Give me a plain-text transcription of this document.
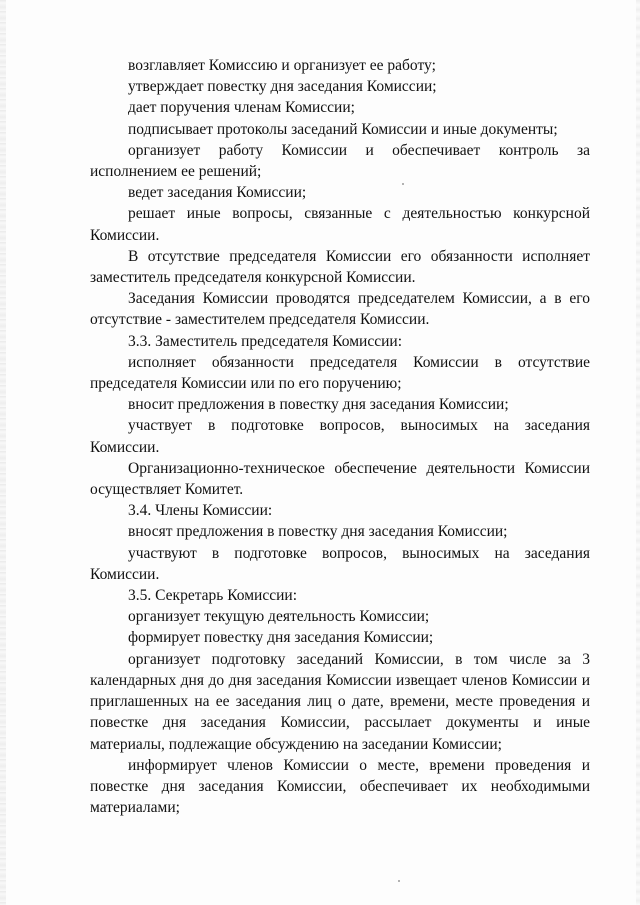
возглавляет Комиссию и организует ее работу;

утверждает повестку дня заседания Комиссии;

дает поручения членам Комиссии;

подписывает протоколы заседаний Комиссии и иные документы;

организует работу Комиссии и обеспечивает контроль за исполнением ее решений;

ведет заседания Комиссии;

решает иные вопросы, связанные с деятельностью конкурсной Комиссии.

В отсутствие председателя Комиссии его обязанности исполняет заместитель председателя конкурсной Комиссии.

Заседания Комиссии проводятся председателем Комиссии, а в его отсутствие - заместителем председателя Комиссии.

3.3. Заместитель председателя Комиссии:

исполняет обязанности председателя Комиссии в отсутствие председателя Комиссии или по его поручению;

вносит предложения в повестку дня заседания Комиссии;

участвует в подготовке вопросов, выносимых на заседания Комиссии.

Организационно-техническое обеспечение деятельности Комиссии осуществляет Комитет.

3.4. Члены Комиссии:

вносят предложения в повестку дня заседания Комиссии;

участвуют в подготовке вопросов, выносимых на заседания Комиссии.

3.5. Секретарь Комиссии:

организует текущую деятельность Комиссии;

формирует повестку дня заседания Комиссии;

организует подготовку заседаний Комиссии, в том числе за 3 календарных дня до дня заседания Комиссии извещает членов Комиссии и приглашенных на ее заседания лиц о дате, времени, месте проведения и повестке дня заседания Комиссии, рассылает документы и иные материалы, подлежащие обсуждению на заседании Комиссии;

информирует членов Комиссии о месте, времени проведения и повестке дня заседания Комиссии, обеспечивает их необходимыми материалами;
